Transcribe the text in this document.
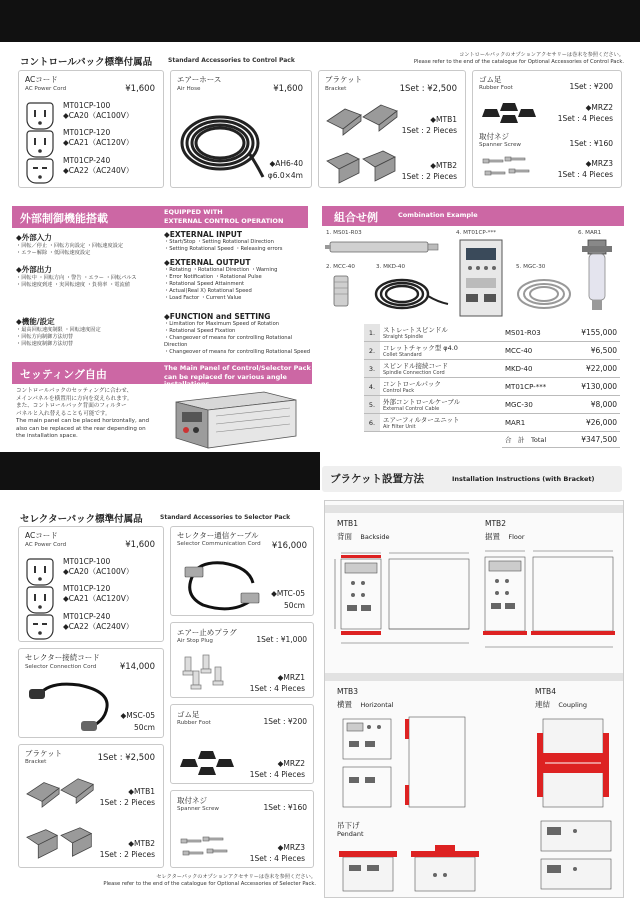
コントロールパック標準付属品	Standard Accessories to Control Pack
コントロールパックのオプションアクセサリーは巻末を参照ください。
Please refer to the end of the catalogue for Optional Accessories of Control Pack.
ACコード
AC Power Cord	¥1,600
MT01CP-100
◆CA20（AC100V）
MT01CP-120
◆CA21（AC120V）
MT01CP-240
◆CA22（AC240V）
エアーホース
Air Hose	¥1,600
◆AH6-40
φ6.0×4m
ブラケット
Bracket	1Set : ¥2,500
◆MTB1
1Set : 2 Pieces
◆MTB2
1Set : 2 Pieces
ゴム足
Rubber Foot	1Set : ¥200
◆MRZ2
1Set : 4 Pieces
取付ネジ
Spanner Screw	1Set : ¥160
◆MRZ3
1Set : 4 Pieces
外部制御機能搭載	EQUIPPED WITH
EXTERNAL CONTROL OPERATION
◆外部入力
・回転／停止 ・回転方向設定 ・回転速度設定
・エラー解除 ・低回転速度設定
◆外部出力
・回転中 ・回転方向 ・警告 ・エラー ・回転パルス
・回転速度到達 ・実回転速度 ・負荷率 ・電流値
◆機能/設定
・最高回転速度制限 ・回転速度固定
・回転方向制御方法切替
・回転速度制御方法切替
◆EXTERNAL INPUT
・Start/Stop ・Setting Rotational Direction
・Setting Rotational Speed ・Releasing errors
◆EXTERNAL OUTPUT
・Rotating ・Rotational Direction ・Warning
・Error Notification ・Rotational Pulse
・Rotational Speed Attainment
・Actual(Real X) Rotational Speed
・Load Factor ・Current Value
◆FUNCTION and SETTING
・Limitation for Maximum Speed of Rotation
・Rotational Speed Fixation
・Changeover of means for controlling Rotational Direction
・Changeover of means for controlling Rotational Speed
セッティング自由	The Main Panel of Control/Selector Pack
can be replaced for various angle installations.
コントロールパックのセッティングに合わせ、
メインパネルを横置用に方向を変えられます。
また、コントロールパック背面のフィルター
パネルと入れ替えることも可能です。
The main panel can be placed horizontally, and
also can be replaced at the rear depending on
the installation space.
組合せ例	Combination Example
1. MS01-R03	4. MT01CP-***	6. MAR1
2. MCC-40	3. MKD-40	5. MGC-30
1.	ストレートスピンドル
Straight Spindle	MS01-R03	¥155,000
2.	コレットチャック型 φ4.0
Collet Standard	MCC-40	¥6,500
3.	スピンドル接続コード
Spindle Connection Cord	MKD-40	¥22,000
4.	コントロールパック
Control Pack	MT01CP-***	¥130,000
5.	外部コントロールケーブル
External Control Cable	MGC-30	¥8,000
6.	エアーフィルターユニット
Air Filter Unit	MAR1	¥26,000
		合　計　Total	¥347,500
ブラケット設置方法	Installation Instructions (with Bracket)
セレクターパック標準付属品	Standard Accessories to Selector Pack
ACコード
AC Power Cord	¥1,600
MT01CP-100
◆CA20（AC100V）
MT01CP-120
◆CA21（AC120V）
MT01CP-240
◆CA22（AC240V）
セレクター接続コード
Selector Connection Cord	¥14,000
◆MSC-05
50cm
ブラケット
Bracket	1Set : ¥2,500
◆MTB1
1Set : 2 Pieces
◆MTB2
1Set : 2 Pieces
セレクター通信ケーブル
Selector Communication Cord ¥16,000
◆MTC-05
50cm
エアー止めプラグ
Air Stop Plug	1Set : ¥1,000
◆MRZ1
1Set : 4 Pieces
ゴム足
Rubber Foot	1Set : ¥200
◆MRZ2
1Set : 4 Pieces
取付ネジ
Spanner Screw	1Set : ¥160
◆MRZ3
1Set : 4 Pieces
セレクターパックのオプションアクセサリーは巻末を参照ください。
Please refer to the end of the catalogue for Optional Accessories of Selecter Pack.
MTB1
背面 Backside
MTB2
据置 Floor
MTB3
横置 Horizontal
MTB4
連結 Coupling
吊下げ
Pendant
